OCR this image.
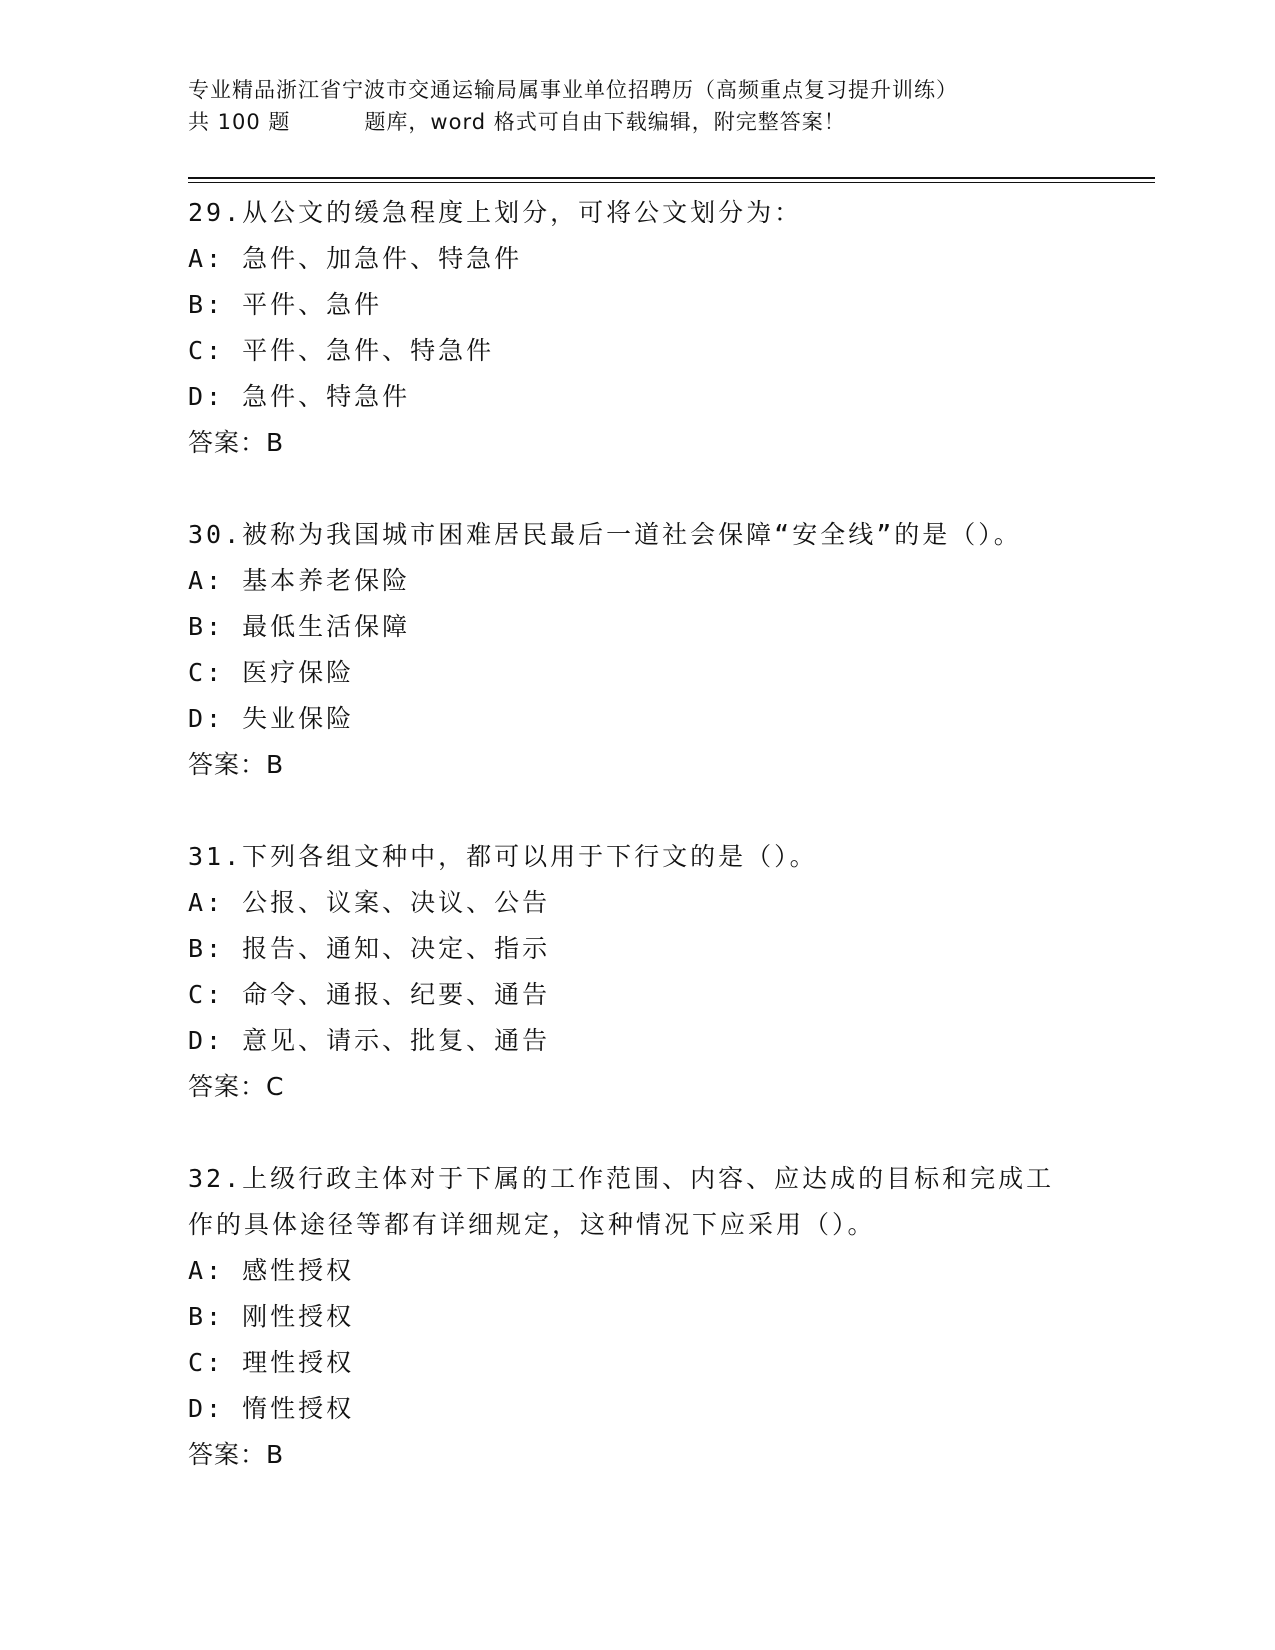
专业精品浙江省宁波市交通运输局属事业单位招聘历（高频重点复习提升训练）
共 100 题	题库，word 格式可自由下载编辑，附完整答案！
29.从公文的缓急程度上划分，可将公文划分为：
A: 急件、加急件、特急件
B: 平件、急件
C: 平件、急件、特急件
D: 急件、特急件
答案：B
30.被称为我国城市困难居民最后一道社会保障“安全线”的是（）。
A: 基本养老保险
B: 最低生活保障
C: 医疗保险
D: 失业保险
答案：B
31.下列各组文种中，都可以用于下行文的是（）。
A: 公报、议案、决议、公告
B: 报告、通知、决定、指示
C: 命令、通报、纪要、通告
D: 意见、请示、批复、通告
答案：C
32.上级行政主体对于下属的工作范围、内容、应达成的目标和完成工
作的具体途径等都有详细规定，这种情况下应采用（）。
A: 感性授权
B: 刚性授权
C: 理性授权
D: 惰性授权
答案：B
